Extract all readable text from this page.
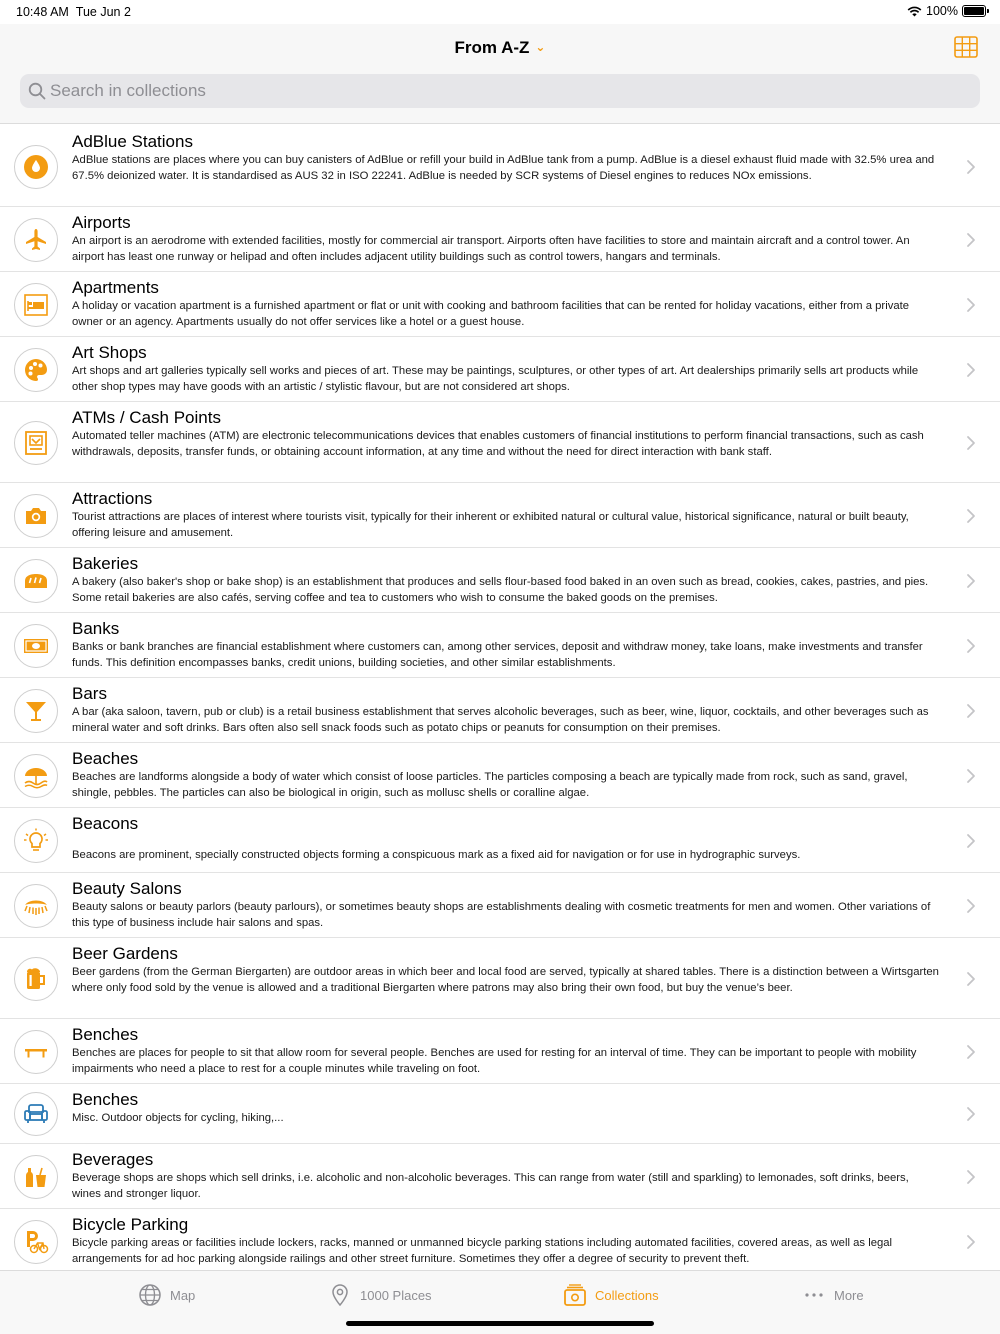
10:48 AM Tue Jun 2	100%
From A-Z ⌄
Search in collections
AdBlue Stations
AdBlue stations are places where you can buy canisters of AdBlue or refill your build in AdBlue tank from a pump. AdBlue is a diesel exhaust fluid made with 32.5% urea and 67.5% deionized water. It is standardised as AUS 32 in ISO 22241. AdBlue is needed by SCR systems of Diesel engines to reduces NOx emissions.
Airports
An airport is an aerodrome with extended facilities, mostly for commercial air transport. Airports often have facilities to store and maintain aircraft and a control tower. An airport has least one runway or helipad and often includes adjacent utility buildings such as control towers, hangars and terminals.
Apartments
A holiday or vacation apartment is a furnished apartment or flat or unit with cooking and bathroom facilities that can be rented for holiday vacations, either from a private owner or an agency. Apartments usually do not offer services like a hotel or a guest house.
Art Shops
Art shops and art galleries typically sell works and pieces of art. These may be paintings, sculptures, or other types of art. Art dealerships primarily sells art products while other shop types may have goods with an artistic / stylistic flavour, but are not considered art shops.
ATMs / Cash Points
Automated teller machines (ATM) are electronic telecommunications devices that enables customers of financial institutions to perform financial transactions, such as cash withdrawals, deposits, transfer funds, or obtaining account information, at any time and without the need for direct interaction with bank staff.
Attractions
Tourist attractions are places of interest where tourists visit, typically for their inherent or exhibited natural or cultural value, historical significance, natural or built beauty, offering leisure and amusement.
Bakeries
A bakery (also baker's shop or bake shop) is an establishment that produces and sells flour-based food baked in an oven such as bread, cookies, cakes, pastries, and pies. Some retail bakeries are also cafés, serving coffee and tea to customers who wish to consume the baked goods on the premises.
Banks
Banks or bank branches are financial establishment where customers can, among other services, deposit and withdraw money, take loans, make investments and transfer funds. This definition encompasses banks, credit unions, building societies, and other similar establishments.
Bars
A bar (aka saloon, tavern, pub or club) is a retail business establishment that serves alcoholic beverages, such as beer, wine, liquor, cocktails, and other beverages such as mineral water and soft drinks. Bars often also sell snack foods such as potato chips or peanuts for consumption on their premises.
Beaches
Beaches are landforms alongside a body of water which consist of loose particles. The particles composing a beach are typically made from rock, such as sand, gravel, shingle, pebbles. The particles can also be biological in origin, such as mollusc shells or coralline algae.
Beacons
Beacons are prominent, specially constructed objects forming a conspicuous mark as a fixed aid for navigation or for use in hydrographic surveys.
Beauty Salons
Beauty salons or beauty parlors (beauty parlours), or sometimes beauty shops are establishments dealing with cosmetic treatments for men and women. Other variations of this type of business include hair salons and spas.
Beer Gardens
Beer gardens (from the German Biergarten) are outdoor areas in which beer and local food are served, typically at shared tables. There is a distinction between a Wirtsgarten where only food sold by the venue is allowed and a traditional Biergarten where patrons may also bring their own food, but buy the venue’s beer.
Benches
Benches are places for people to sit that allow room for several people. Benches are used for resting for an interval of time. They can be important to people with mobility impairments who need a place to rest for a couple minutes while traveling on foot.
Benches
Misc. Outdoor objects for cycling, hiking,...
Beverages
Beverage shops are shops which sell drinks, i.e. alcoholic and non-alcoholic beverages. This can range from water (still and sparkling) to lemonades, soft drinks, beers, wines and stronger liquor.
Bicycle Parking
Bicycle parking areas or facilities include lockers, racks, manned or unmanned bicycle parking stations including automated facilities, covered areas, as well as legal arrangements for ad hoc parking alongside railings and other street furniture. Sometimes they offer a degree of security to prevent theft.
Map	1000 Places	Collections	More
